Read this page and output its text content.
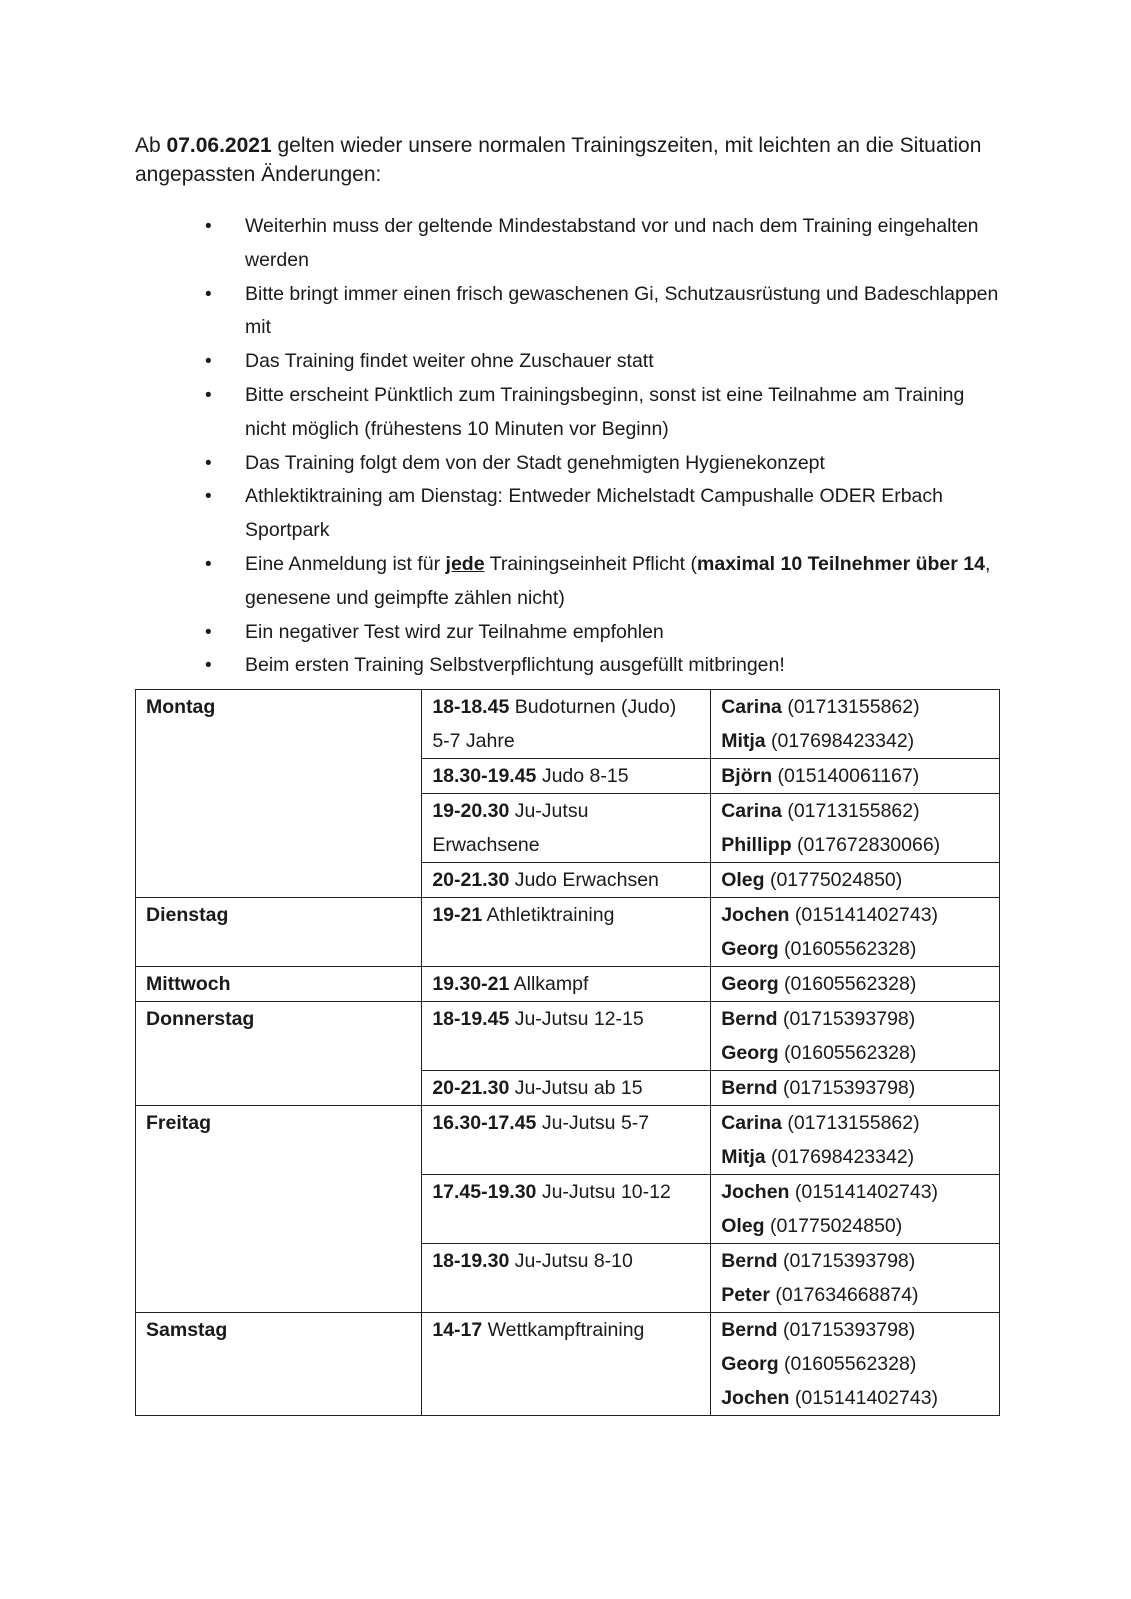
Ab 07.06.2021 gelten wieder unsere normalen Trainingszeiten, mit leichten an die Situation angepassten Änderungen:

• Weiterhin muss der geltende Mindestabstand vor und nach dem Training eingehalten werden
• Bitte bringt immer einen frisch gewaschenen Gi, Schutzausrüstung und Badeschlappen mit
• Das Training findet weiter ohne Zuschauer statt
• Bitte erscheint Pünktlich zum Trainingsbeginn, sonst ist eine Teilnahme am Training nicht möglich (frühestens 10 Minuten vor Beginn)
• Das Training folgt dem von der Stadt genehmigten Hygienekonzept
• Athlektiktraining am Dienstag: Entweder Michelstadt Campushalle ODER Erbach Sportpark
• Eine Anmeldung ist für jede Trainingseinheit Pflicht (maximal 10 Teilnehmer über 14, genesene und geimpfte zählen nicht)
• Ein negativer Test wird zur Teilnahme empfohlen
• Beim ersten Training Selbstverpflichtung ausgefüllt mitbringen!
Montag	18-18.45 Budoturnen (Judo)
5-7 Jahre	Carina (01713155862)
Mitja (017698423342)

	18.30-19.45 Judo 8-15	Björn (015140061167)

	19-20.30 Ju-Jutsu
Erwachsene	Carina (01713155862)
Phillipp (017672830066)

	20-21.30 Judo Erwachsen	Oleg (01775024850)
Dienstag	19-21 Athletiktraining	Jochen (015141402743)
Georg (01605562328)

Mittwoch	19.30-21 Allkampf	Georg (01605562328)
Donnerstag	18-19.45 Ju-Jutsu 12-15	Bernd (01715393798)
Georg (01605562328)

	20-21.30 Ju-Jutsu ab 15	Bernd (01715393798)
Freitag	16.30-17.45 Ju-Jutsu 5-7	Carina (01713155862)
Mitja (017698423342)

	17.45-19.30 Ju-Jutsu 10-12	Jochen (015141402743)
Oleg (01775024850)

	18-19.30 Ju-Jutsu 8-10	Bernd (01715393798)
Peter (017634668874)

Samstag	14-17 Wettkampftraining	Bernd (01715393798)
Georg (01605562328)
Jochen (015141402743)
